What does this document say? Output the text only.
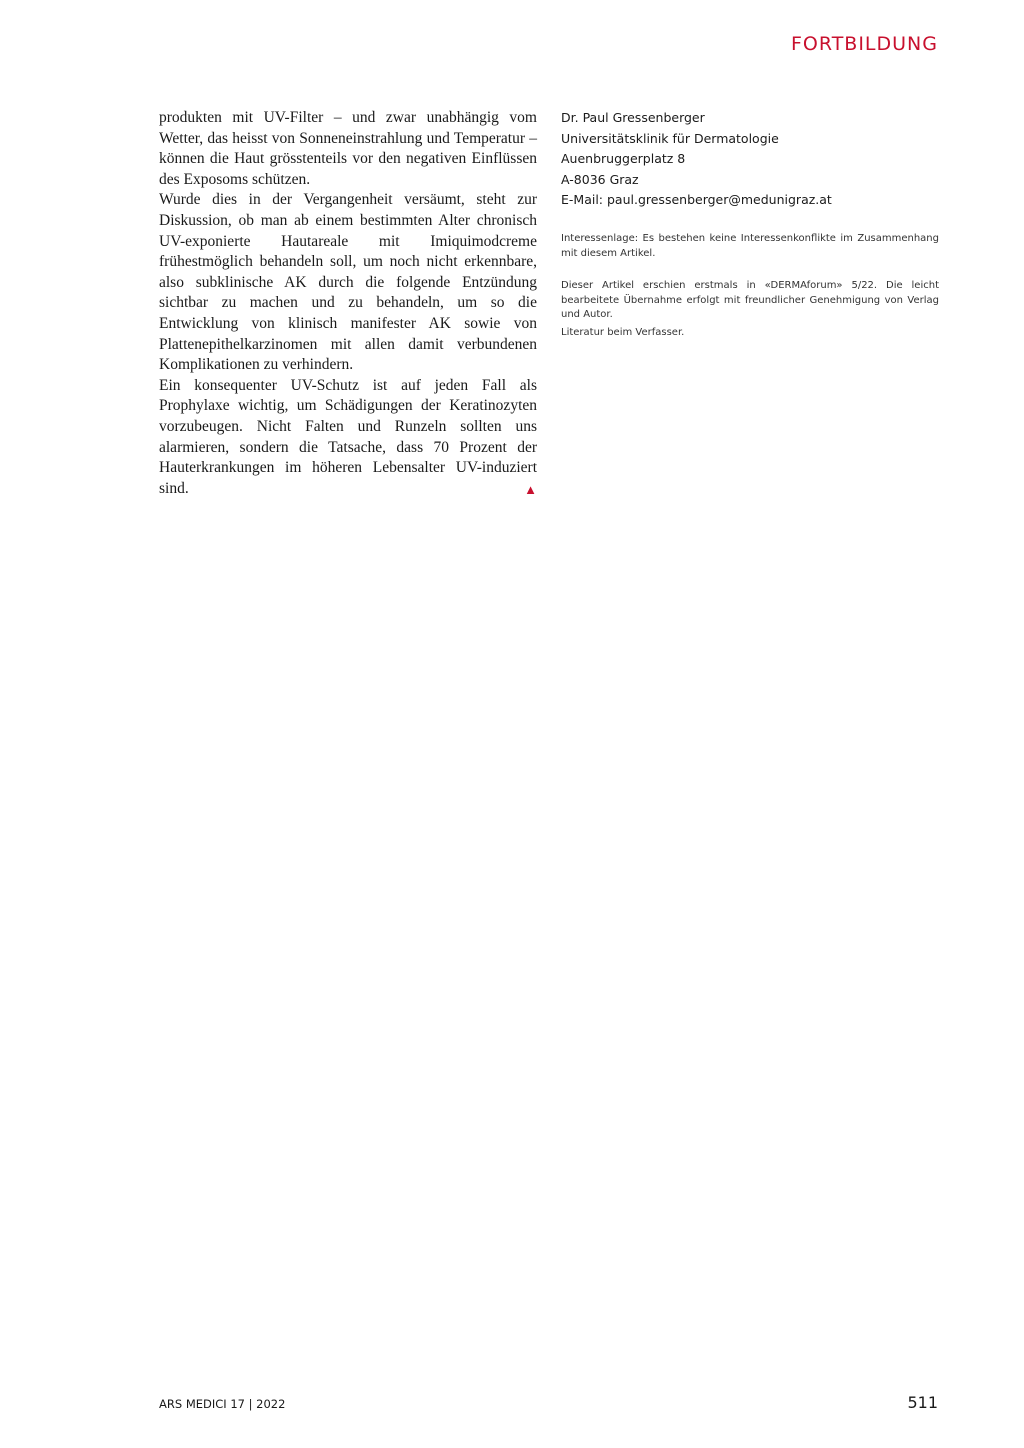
FORTBILDUNG

produkten mit UV-Filter – und zwar unabhängig vom Wetter, das heisst von Sonneneinstrahlung und Temperatur – können die Haut grösstenteils vor den negativen Einflüssen des Exposoms schützen.

Wurde dies in der Vergangenheit versäumt, steht zur Diskussion, ob man ab einem bestimmten Alter chronisch UV-exponierte Hautareale mit Imiquimodcreme frühestmöglich behandeln soll, um noch nicht erkennbare, also subklinische AK durch die folgende Entzündung sichtbar zu machen und zu behandeln, um so die Entwicklung von klinisch manifester AK sowie von Plattenepithelkarzinomen mit allen damit verbundenen Komplikationen zu verhindern.

Ein konsequenter UV-Schutz ist auf jeden Fall als Prophylaxe wichtig, um Schädigungen der Keratinozyten vorzubeugen. Nicht Falten und Runzeln sollten uns alarmieren, sondern die Tatsache, dass 70 Prozent der Hauterkrankungen im höheren Lebensalter UV-induziert sind.	▲

Dr. Paul Gressenberger
Universitätsklinik für Dermatologie
Auenbruggerplatz 8
A-8036 Graz
E-Mail: paul.gressenberger@medunigraz.at

Interessenlage: Es bestehen keine Interessenkonflikte im Zusammenhang mit diesem Artikel.

Dieser Artikel erschien erstmals in «DERMAforum» 5/22. Die leicht bearbeitete Übernahme erfolgt mit freundlicher Genehmigung von Verlag und Autor.

Literatur beim Verfasser.

ARS MEDICI 17 | 2022	511
